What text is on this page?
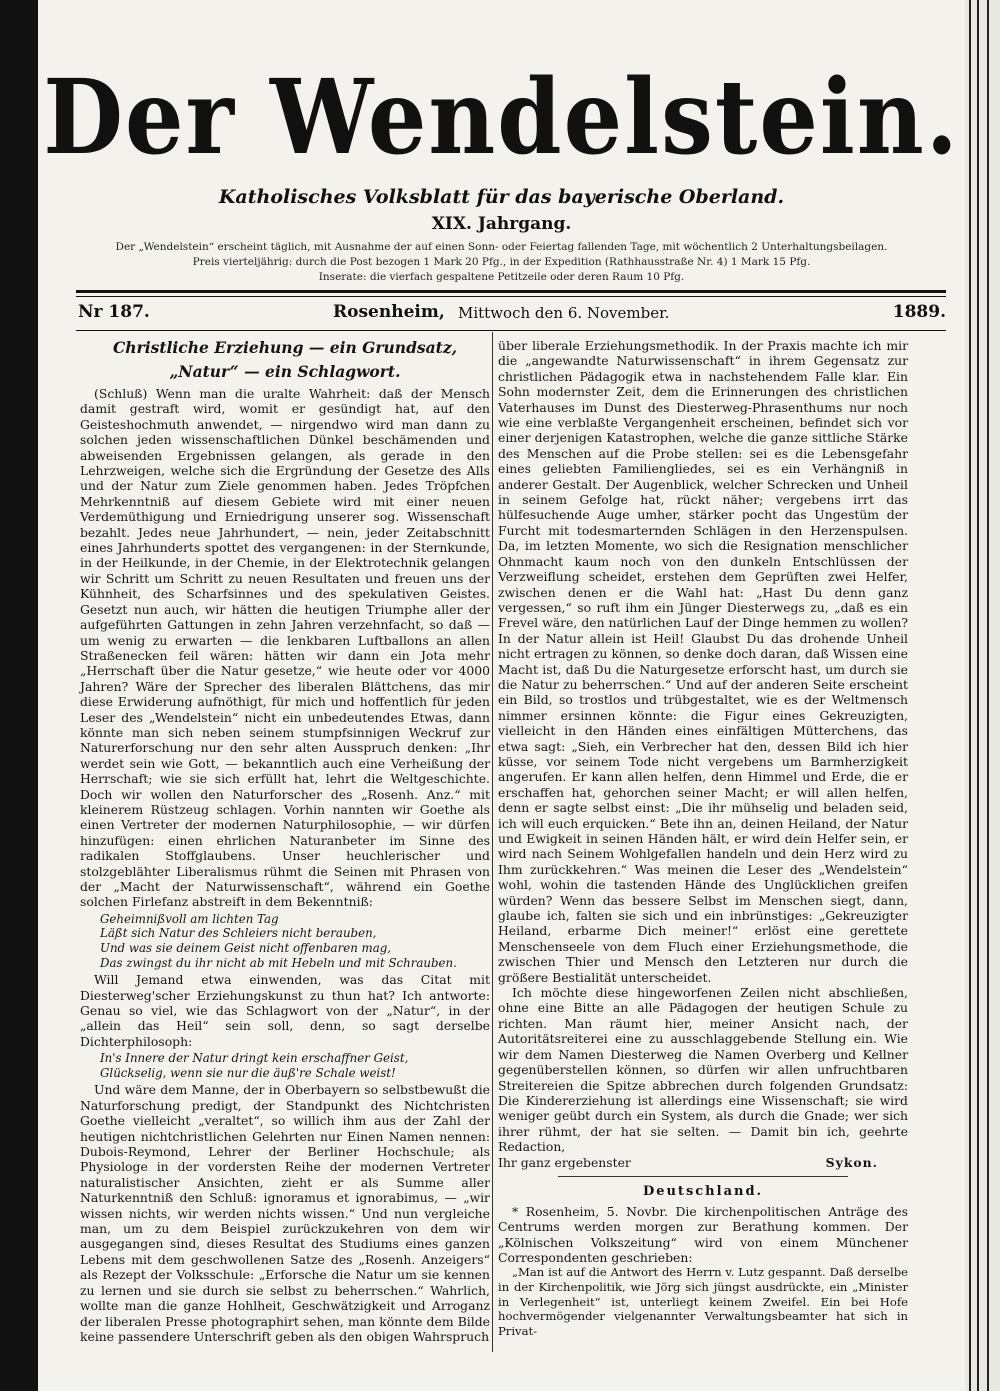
Der Wendelstein.
Katholisches Volksblatt für das bayerische Oberland.
XIX. Jahrgang.
Der „Wendelstein“ erscheint täglich, mit Ausnahme der auf einen Sonn- oder Feiertag fallenden Tage, mit wöchentlich 2 Unterhaltungsbeilagen.
Preis vierteljährig: durch die Post bezogen 1 Mark 20 Pfg., in der Expedition (Rathhausstraße Nr. 4) 1 Mark 15 Pfg.
Inserate: die vierfach gespaltene Petitzeile oder deren Raum 10 Pfg.
Nr 187.	Rosenheim, Mittwoch den 6. November.	1889.
Christliche Erziehung — ein Grundsatz,
„Natur“ — ein Schlagwort.

(Schluß) Wenn man die uralte Wahrheit: daß der Mensch damit gestraft wird, womit er gesündigt hat, auf den Geisteshochmuth anwendet, — nirgendwo wird man dann zu solchen jeden wissenschaftlichen Dünkel beschämenden und abweisenden Ergebnissen gelangen, als gerade in den Lehrzweigen, welche sich die Ergründung der Gesetze des Alls und der Natur zum Ziele genommen haben. Jedes Tröpfchen Mehrkenntniß auf diesem Gebiete wird mit einer neuen Verdemüthigung und Erniedrigung unserer sog. Wissenschaft bezahlt. Jedes neue Jahrhundert, — nein, jeder Zeitabschnitt eines Jahrhunderts spottet des vergangenen: in der Sternkunde, in der Heilkunde, in der Chemie, in der Elektrotechnik gelangen wir Schritt um Schritt zu neuen Resultaten und freuen uns der Kühnheit, des Scharfsinnes und des spekulativen Geistes. Gesetzt nun auch, wir hätten die heutigen Triumphe aller der aufgeführten Gattungen in zehn Jahren verzehnfacht, so daß — um wenig zu erwarten — die lenkbaren Luftballons an allen Straßenecken feil wären: hätten wir dann ein Jota mehr „Herrschaft über die Natur gesetze,“ wie heute oder vor 4000 Jahren? Wäre der Sprecher des liberalen Blättchens, das mir diese Erwiderung aufnöthigt, für mich und hoffentlich für jeden Leser des „Wendelstein“ nicht ein unbedeutendes Etwas, dann könnte man sich neben seinem stumpfsinnigen Weckruf zur Naturerforschung nur den sehr alten Ausspruch denken: „Ihr werdet sein wie Gott, — bekanntlich auch eine Verheißung der Herrschaft; wie sie sich erfüllt hat, lehrt die Weltgeschichte. Doch wir wollen den Naturforscher des „Rosenh. Anz.“ mit kleinerem Rüstzeug schlagen. Vorhin nannten wir Goethe als einen Vertreter der modernen Naturphilosophie, — wir dürfen hinzufügen: einen ehrlichen Naturanbeter im Sinne des radikalen Stoffglaubens. Unser heuchlerischer und stolzgeblähter Liberalismus rühmt die Seinen mit Phrasen von der „Macht der Naturwissenschaft“, während ein Goethe solchen Firlefanz abstreift in dem Bekenntniß:

Geheimnißvoll am lichten Tag
Läßt sich Natur des Schleiers nicht berauben,
Und was sie deinem Geist nicht offenbaren mag,
Das zwingst du ihr nicht ab mit Hebeln und mit Schrauben.

Will Jemand etwa einwenden, was das Citat mit Diesterweg'scher Erziehungskunst zu thun hat? Ich antworte: Genau so viel, wie das Schlagwort von der „Natur“, in der „allein das Heil“ sein soll, denn, so sagt derselbe Dichterphilosoph:

In's Innere der Natur dringt kein erschaffner Geist,
Glückselig, wenn sie nur die äuß're Schale weist!

Und wäre dem Manne, der in Oberbayern so selbstbewußt die Naturforschung predigt, der Standpunkt des Nichtchristen Goethe vielleicht „veraltet“, so willich ihm aus der Zahl der heutigen nichtchristlichen Gelehrten nur Einen Namen nennen: Dubois-Reymond, Lehrer der Berliner Hochschule; als Physiologe in der vordersten Reihe der modernen Vertreter naturalistischer Ansichten, zieht er als Summe aller Naturkenntniß den Schluß: ignoramus et ignorabimus, — „wir wissen nichts, wir werden nichts wissen.“ Und nun vergleiche man, um zu dem Beispiel zurückzukehren von dem wir ausgegangen sind, dieses Resultat des Studiums eines ganzen Lebens mit dem geschwollenen Satze des „Rosenh. Anzeigers“ als Rezept der Volksschule: „Erforsche die Natur um sie kennen zu lernen und sie durch sie selbst zu beherrschen.“ Wahrlich, wollte man die ganze Hohlheit, Geschwätzigkeit und Arroganz der liberalen Presse photographirt sehen, man könnte dem Bilde keine passendere Unterschrift geben als den obigen Wahrspruch

über liberale Erziehungsmethodik. In der Praxis machte ich mir die „angewandte Naturwissenschaft“ in ihrem Gegensatz zur christlichen Pädagogik etwa in nachstehendem Falle klar. Ein Sohn modernster Zeit, dem die Erinnerungen des christlichen Vaterhauses im Dunst des Diesterweg-Phrasenthums nur noch wie eine verblaßte Vergangenheit erscheinen, befindet sich vor einer derjenigen Katastrophen, welche die ganze sittliche Stärke des Menschen auf die Probe stellen: sei es die Lebensgefahr eines geliebten Familiengliedes, sei es ein Verhängniß in anderer Gestalt. Der Augenblick, welcher Schrecken und Unheil in seinem Gefolge hat, rückt näher; vergebens irrt das hülfesuchende Auge umher, stärker pocht das Ungestüm der Furcht mit todesmarternden Schlägen in den Herzenspulsen. Da, im letzten Momente, wo sich die Resignation menschlicher Ohnmacht kaum noch von den dunkeln Entschlüssen der Verzweiflung scheidet, erstehen dem Geprüften zwei Helfer, zwischen denen er die Wahl hat: „Hast Du denn ganz vergessen,“ so ruft ihm ein Jünger Diesterwegs zu, „daß es ein Frevel wäre, den natürlichen Lauf der Dinge hemmen zu wollen? In der Natur allein ist Heil! Glaubst Du das drohende Unheil nicht ertragen zu können, so denke doch daran, daß Wissen eine Macht ist, daß Du die Naturgesetze erforscht hast, um durch sie die Natur zu beherrschen.“ Und auf der anderen Seite erscheint ein Bild, so trostlos und trübgestaltet, wie es der Weltmensch nimmer ersinnen könnte: die Figur eines Gekreuzigten, vielleicht in den Händen eines einfältigen Mütterchens, das etwa sagt: „Sieh, ein Verbrecher hat den, dessen Bild ich hier küsse, vor seinem Tode nicht vergebens um Barmherzigkeit angerufen. Er kann allen helfen, denn Himmel und Erde, die er erschaffen hat, gehorchen seiner Macht; er will allen helfen, denn er sagte selbst einst: „Die ihr mühselig und beladen seid, ich will euch erquicken.“ Bete ihn an, deinen Heiland, der Natur und Ewigkeit in seinen Händen hält, er wird dein Helfer sein, er wird nach Seinem Wohlgefallen handeln und dein Herz wird zu Ihm zurückkehren.“ Was meinen die Leser des „Wendelstein“ wohl, wohin die tastenden Hände des Unglücklichen greifen würden? Wenn das bessere Selbst im Menschen siegt, dann, glaube ich, falten sie sich und ein inbrünstiges: „Gekreuzigter Heiland, erbarme Dich meiner!“ erlöst eine gerettete Menschenseele von dem Fluch einer Erziehungsmethode, die zwischen Thier und Mensch den Letzteren nur durch die größere Bestialität unterscheidet.

Ich möchte diese hingeworfenen Zeilen nicht abschließen, ohne eine Bitte an alle Pädagogen der heutigen Schule zu richten. Man räumt hier, meiner Ansicht nach, der Autoritätsreiterei eine zu ausschlaggebende Stellung ein. Wie wir dem Namen Diesterweg die Namen Overberg und Kellner gegenüberstellen können, so dürfen wir allen unfruchtbaren Streitereien die Spitze abbrechen durch folgenden Grundsatz: Die Kindererziehung ist allerdings eine Wissenschaft; sie wird weniger geübt durch ein System, als durch die Gnade; wer sich ihrer rühmt, der hat sie selten. — Damit bin ich, geehrte Redaction,

Ihr ganz ergebenster	Sykon.
Deutschland.

* Rosenheim, 5. Novbr. Die kirchenpolitischen Anträge des Centrums werden morgen zur Berathung kommen. Der „Kölnischen Volkszeitung“ wird von einem Münchener Correspondenten geschrieben:

„Man ist auf die Antwort des Herrn v. Lutz gespannt. Daß derselbe in der Kirchenpolitik, wie Jörg sich jüngst ausdrückte, ein „Minister in Verlegenheit“ ist, unterliegt keinem Zweifel. Ein bei Hofe hochvermögender vielgenannter Verwaltungsbeamter hat sich in Privat-
